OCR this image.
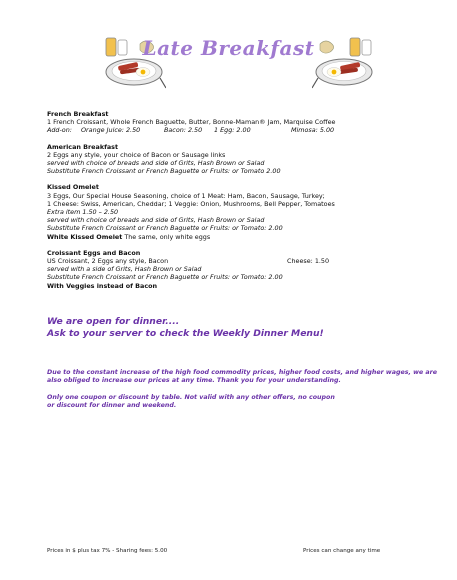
Late Breakfast
French Breakfast
1 French Croissant, Whole French Baguette, Butter, Bonne-Maman® Jam, Marquise Coffee
Add-on:	Orange Juice: 2.50	Bacon: 2.50	1 Egg: 2.00	Mimosa: 5.00
American Breakfast
2 Eggs any style, your choice of Bacon or Sausage links
served with choice of breads and side of Grits, Hash Brown or Salad
Substitute French Croissant or French Baguette or Fruits: or Tomato 2.00
Kissed Omelet
3 Eggs, Our Special House Seasoning, choice of 1 Meat: Ham, Bacon, Sausage, Turkey;
1 Cheese: Swiss, American, Cheddar; 1 Veggie: Onion, Mushrooms, Bell Pepper, Tomatoes
Extra item 1.50 – 2.50
served with choice of breads and side of Grits, Hash Brown or Salad
Substitute French Croissant or French Baguette or Fruits: or Tomato: 2.00
White Kissed Omelet The same, only white eggs
Croissant Eggs and Bacon
US Croissant, 2 Eggs any style, Bacon	Cheese: 1.50
served with a side of Grits, Hash Brown or Salad
Substitute French Croissant or French Baguette or Fruits: or Tomato: 2.00
With Veggies instead of Bacon
We are open for dinner....
Ask to your server to check the Weekly Dinner Menu!
Due to the constant increase of the high food commodity prices, higher food costs, and higher wages, we are also obliged to increase our prices at any time. Thank you for your understanding.
Only one coupon or discount by table. Not valid with any other offers, no coupon
or discount for dinner and weekend.
Prices in $ plus tax 7% - Sharing fees: 5.00	Prices can change any time
